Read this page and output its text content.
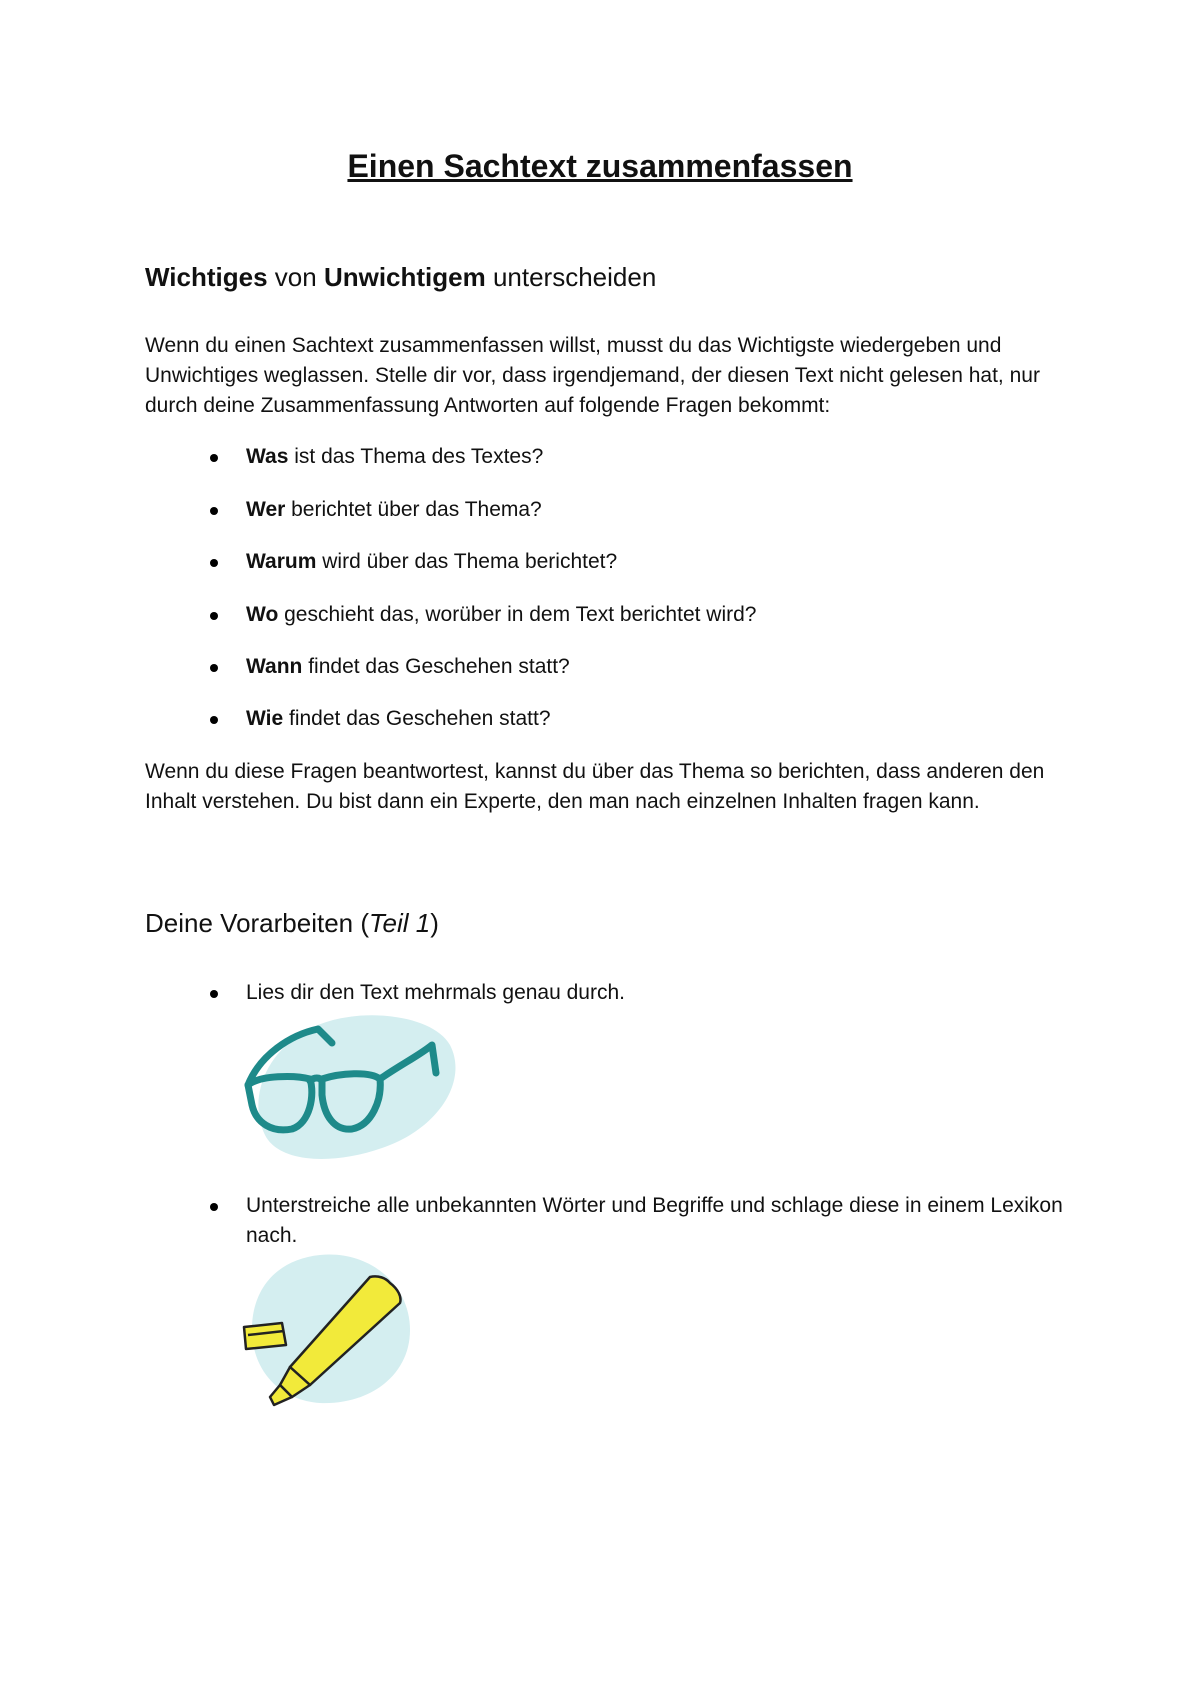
Einen Sachtext zusammenfassen
Wichtiges von Unwichtigem unterscheiden

Wenn du einen Sachtext zusammenfassen willst, musst du das Wichtigste wiedergeben und Unwichtiges weglassen. Stelle dir vor, dass irgendjemand, der diesen Text nicht gelesen hat, nur durch deine Zusammenfassung Antworten auf folgende Fragen bekommt:

Was ist das Thema des Textes?
Wer berichtet über das Thema?
Warum wird über das Thema berichtet?
Wo geschieht das, worüber in dem Text berichtet wird?
Wann findet das Geschehen statt?
Wie findet das Geschehen statt?

Wenn du diese Fragen beantwortest, kannst du über das Thema so berichten, dass anderen den Inhalt verstehen. Du bist dann ein Experte, den man nach einzelnen Inhalten fragen kann.

Deine Vorarbeiten (Teil 1)
Lies dir den Text mehrmals genau durch.
Unterstreiche alle unbekannten Wörter und Begriffe und schlage diese in einem Lexikon nach.
